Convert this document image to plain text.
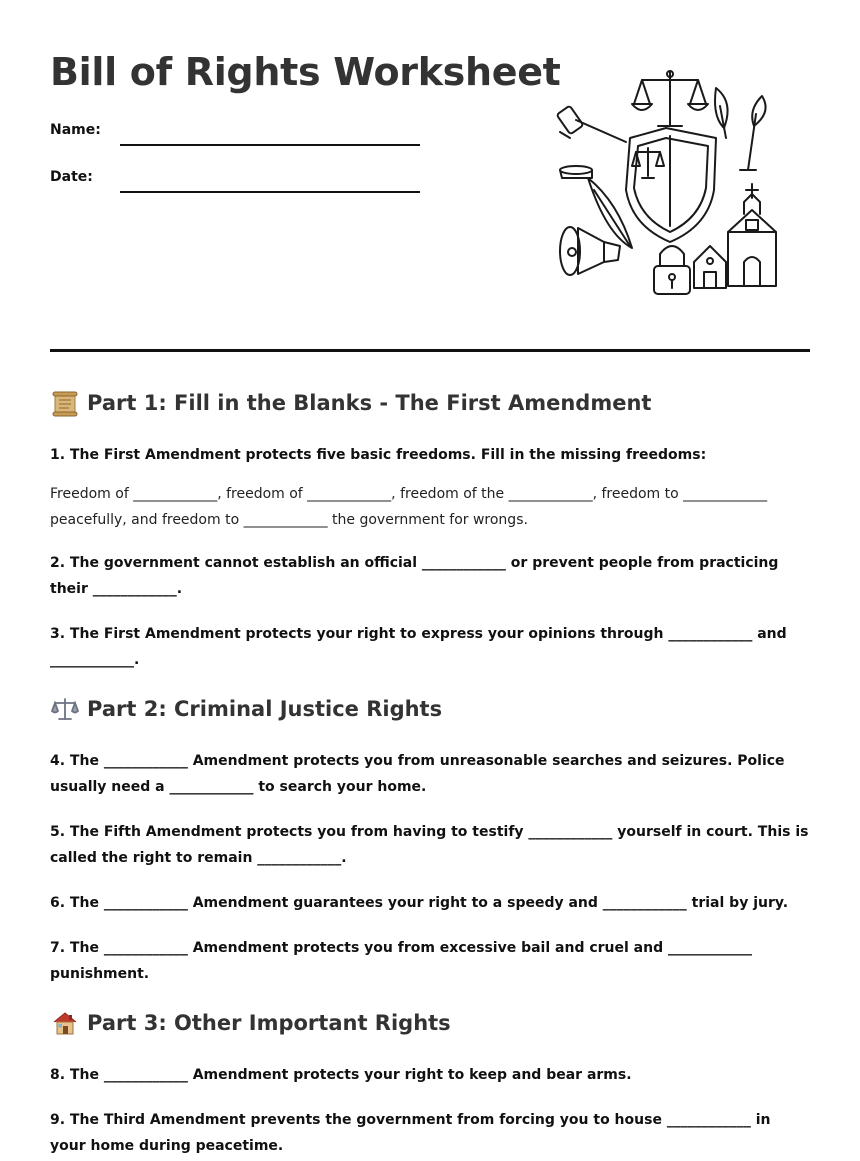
Bill of Rights Worksheet
Name:
Date:
Part 1: Fill in the Blanks - The First Amendment

1. The First Amendment protects five basic freedoms. Fill in the missing freedoms:

Freedom of ____________, freedom of ____________, freedom of the ____________, freedom to ____________ peacefully, and freedom to ____________ the government for wrongs.

2. The government cannot establish an official ____________ or prevent people from practicing their ____________.

3. The First Amendment protects your right to express your opinions through ____________ and ____________.

Part 2: Criminal Justice Rights

4. The ____________ Amendment protects you from unreasonable searches and seizures. Police usually need a ____________ to search your home.

5. The Fifth Amendment protects you from having to testify ____________ yourself in court. This is called the right to remain ____________.

6. The ____________ Amendment guarantees your right to a speedy and ____________ trial by jury.

7. The ____________ Amendment protects you from excessive bail and cruel and ____________ punishment.

Part 3: Other Important Rights

8. The ____________ Amendment protects your right to keep and bear arms.

9. The Third Amendment prevents the government from forcing you to house ____________ in your home during peacetime.
